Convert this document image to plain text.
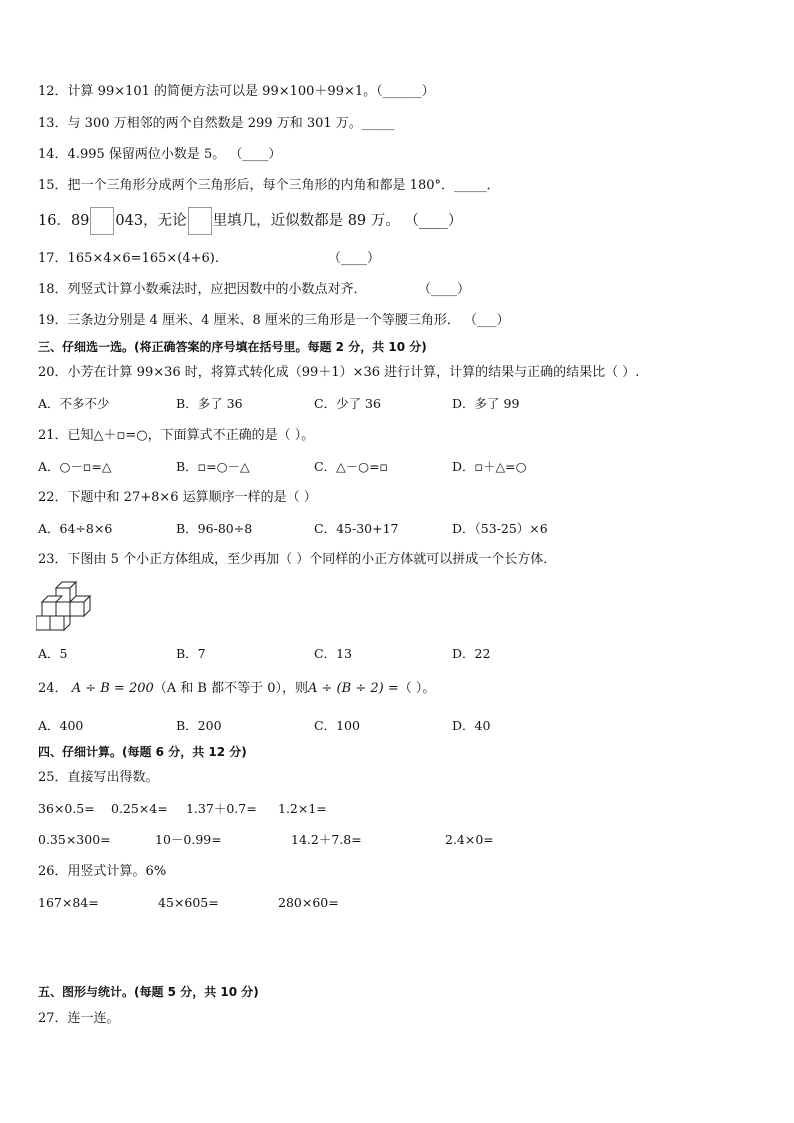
12．计算 99×101 的简便方法可以是 99×100＋99×1。（______）
13．与 300 万相邻的两个自然数是 299 万和 301 万。_____
14．4.995 保留两位小数是 5。 （____）
15．把一个三角形分成两个三角形后，每个三角形的内角和都是 180°．_____．
16．89 043，无论 里填几，近似数都是 89 万。 （____）
17．165×4×6=165×(4+6).	（____）
18．列竖式计算小数乘法时，应把因数中的小数点对齐．	（____）
19．三条边分别是 4 厘米、4 厘米、8 厘米的三角形是一个等腰三角形． （___）
三、仔细选一选。(将正确答案的序号填在括号里。每题 2 分，共 10 分)
20．小芳在计算 99×36 时，将算式转化成（99＋1）×36 进行计算，计算的结果与正确的结果比（ ）.
A．不多不少	B．多了 36	C．少了 36	D．多了 99
21．已知△＋▫=○，下面算式不正确的是（ ）。
A．○－▫=△	B．▫=○－△	C．△－○=▫	D．▫＋△=○
22．下题中和 27+8×6 运算顺序一样的是（ ）
A．64÷8×6	B．96-80÷8	C．45-30+17	D．（53-25）×6
23．下图由 5 个小正方体组成，至少再加（ ）个同样的小正方体就可以拼成一个长方体．
A．5	B．7	C．13	D．22
24． A ÷ B = 200（A 和 B 都不等于 0），则A ÷ (B ÷ 2) =（ ）。
A．400	B．200	C．100	D．40
四、仔细计算。(每题 6 分，共 12 分)
25．直接写出得数。
36×0.5= 0.25×4= 1.37＋0.7= 1.2×1=
0.35×300=	10－0.99=	14.2＋7.8=	2.4×0=
26．用竖式计算。6%
167×84=	45×605=	280×60=
五、图形与统计。(每题 5 分，共 10 分)
27．连一连。
